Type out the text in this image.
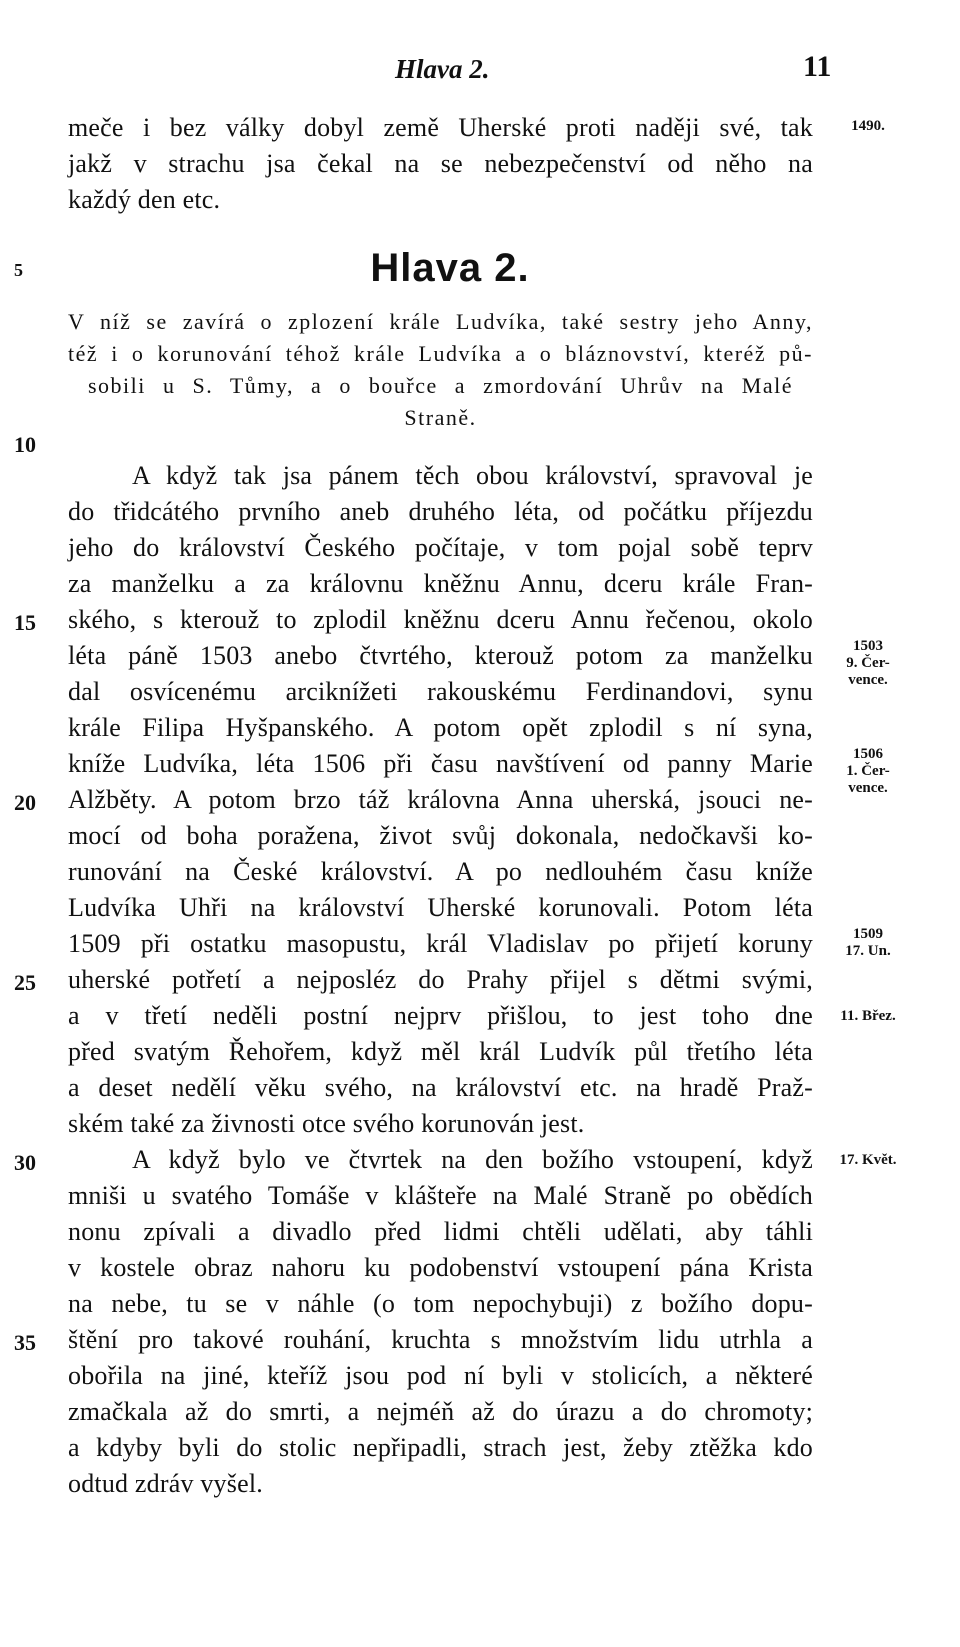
Hlava 2.	11
meče i bez války dobyl země Uherské proti naději své, tak
jakž v strachu jsa čekal na se nebezpečenství od něho na
každý den etc.
Hlava 2.
V níž se zavírá o zplození krále Ludvíka, také sestry jeho Anny,
též i o korunování téhož krále Ludvíka a o bláznovství, kteréž pů-
sobili u S. Tůmy, a o bouřce a zmordování Uhrův na Malé
Straně.
A když tak jsa pánem těch obou království, spravoval je
do třidcátého prvního aneb druhého léta, od počátku příjezdu
jeho do království Českého počítaje, v tom pojal sobě teprv
za manželku a za královnu kněžnu Annu, dceru krále Fran-
ského, s kterouž to zplodil kněžnu dceru Annu řečenou, okolo
léta páně 1503 anebo čtvrtého, kterouž potom za manželku
dal osvícenému arciknížeti rakouskému Ferdinandovi, synu
krále Filipa Hyšpanského. A potom opět zplodil s ní syna,
kníže Ludvíka, léta 1506 při času navštívení od panny Marie
Alžběty. A potom brzo táž královna Anna uherská, jsouci ne-
mocí od boha poražena, život svůj dokonala, nedočkavši ko-
runování na České království. A po nedlouhém času kníže
Ludvíka Uhři na království Uherské korunovali. Potom léta
1509 při ostatku masopustu, král Vladislav po přijetí koruny
uherské potřetí a nejposléz do Prahy přijel s dětmi svými,
a v třetí neděli postní nejprv přišlou, to jest toho dne
před svatým Řehořem, když měl král Ludvík půl třetího léta
a deset nedělí věku svého, na království etc. na hradě Praž-
ském také za živnosti otce svého korunován jest.
A když bylo ve čtvrtek na den božího vstoupení, když
mniši u svatého Tomáše v klášteře na Malé Straně po obědích
nonu zpívali a divadlo před lidmi chtěli udělati, aby táhli
v kostele obraz nahoru ku podobenství vstoupení pána Krista
na nebe, tu se v náhle (o tom nepochybuji) z božího dopu-
štění pro takové rouhání, kruchta s množstvím lidu utrhla a
obořila na jiné, kteříž jsou pod ní byli v stolicích, a některé
zmačkala až do smrti, a nejméň až do úrazu a do chromoty;
a kdyby byli do stolic nepřipadli, strach jest, žeby ztěžka kdo
odtud zdráv vyšel.
5
10
15
20
25
30
35
1490.
1503
9. Čer-
vence.
1506
1. Čer-
vence.
1509
17. Un.
11. Břez.
17. Květ.
